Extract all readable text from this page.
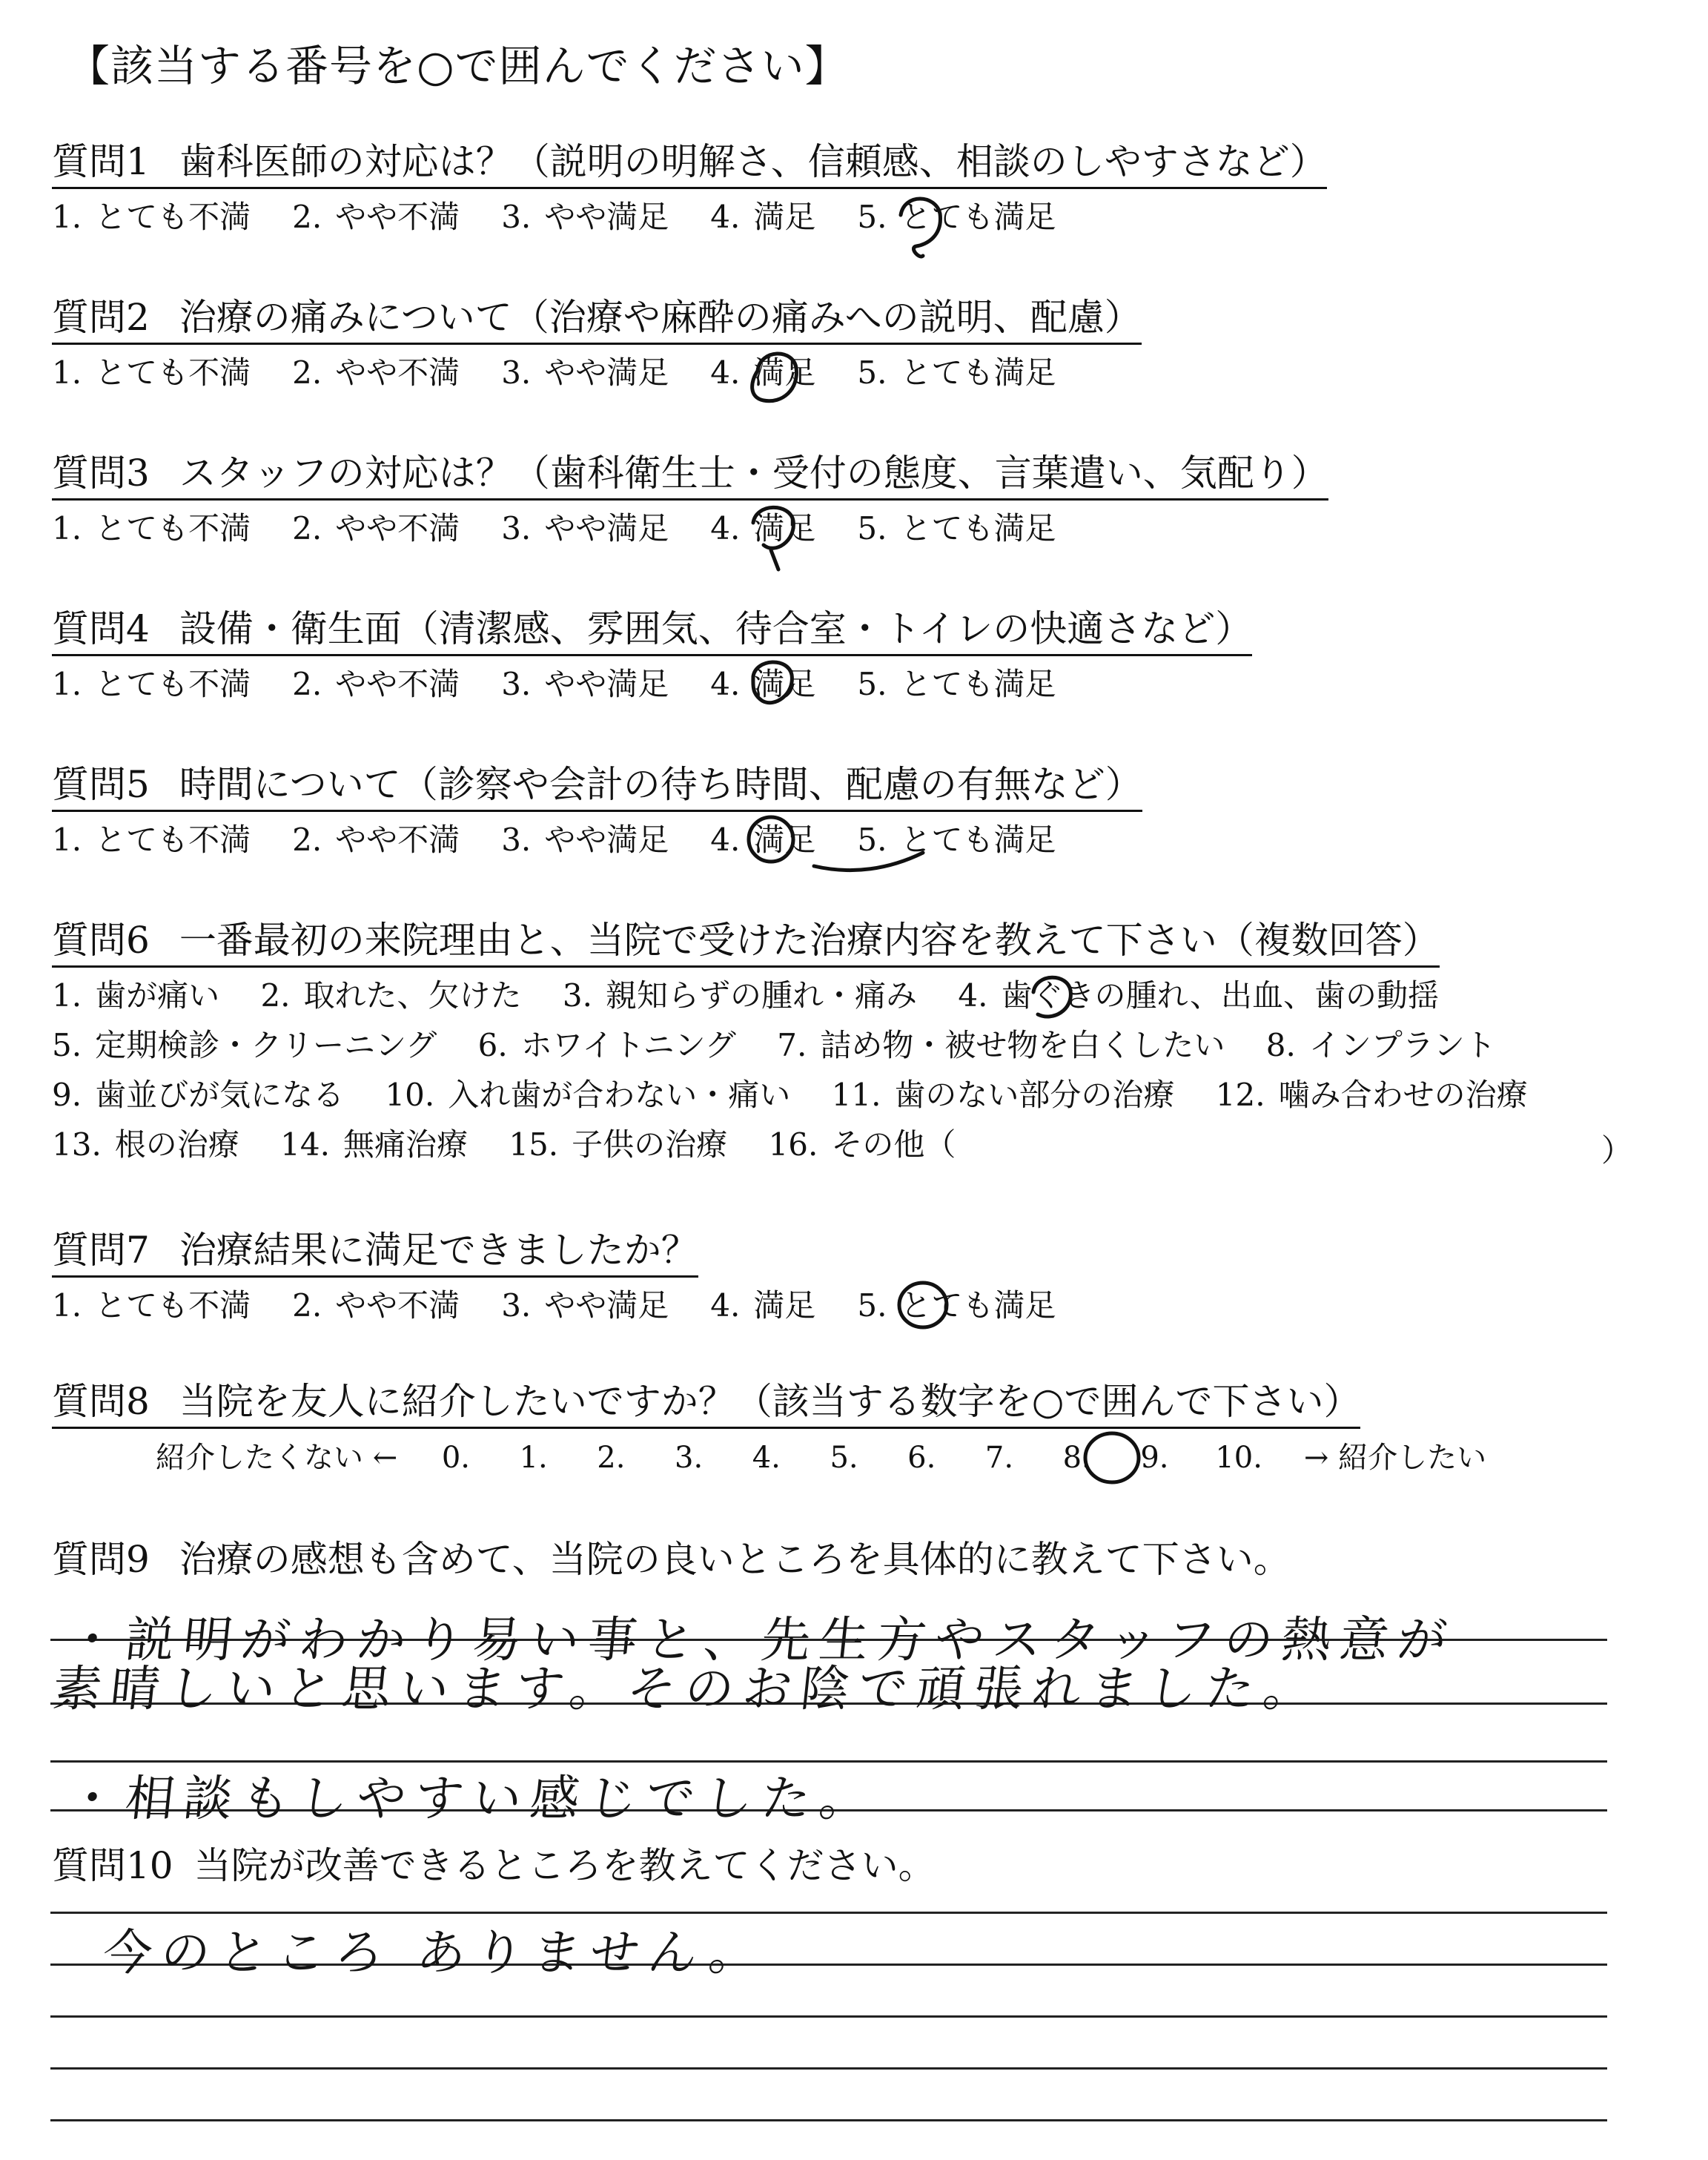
【該当する番号を○で囲んでください】
質問1 歯科医師の対応は？（説明の明解さ、信頼感、相談のしやすさなど）
1. とても不満 2. やや不満 3. やや満足 4. 満足 5. とても満足
質問2 治療の痛みについて（治療や麻酔の痛みへの説明、配慮）
1. とても不満 2. やや不満 3. やや満足 4. 満足 5. とても満足
質問3 スタッフの対応は？（歯科衛生士・受付の態度、言葉遣い、気配り）
1. とても不満 2. やや不満 3. やや満足 4. 満足 5. とても満足
質問4 設備・衛生面（清潔感、雰囲気、待合室・トイレの快適さなど）
1. とても不満 2. やや不満 3. やや満足 4. 満足 5. とても満足
質問5 時間について（診察や会計の待ち時間、配慮の有無など）
1. とても不満 2. やや不満 3. やや満足 4. 満足 5. とても満足
質問6 一番最初の来院理由と、当院で受けた治療内容を教えて下さい（複数回答）
1. 歯が痛い 2. 取れた、欠けた 3. 親知らずの腫れ・痛み 4. 歯ぐきの腫れ、出血、歯の動揺
5. 定期検診・クリーニング 6. ホワイトニング 7. 詰め物・被せ物を白くしたい 8. インプラント
9. 歯並びが気になる 10. 入れ歯が合わない・痛い 11. 歯のない部分の治療 12. 噛み合わせの治療
13. 根の治療 14. 無痛治療 15. 子供の治療 16. その他（	）
質問7 治療結果に満足できましたか？
1. とても不満 2. やや不満 3. やや満足 4. 満足 5. とても満足
質問8 当院を友人に紹介したいですか？（該当する数字を○で囲んで下さい）
紹介したくない ← 0. 1. 2. 3. 4. 5. 6. 7. 8. 9. 10. → 紹介したい
質問9 治療の感想も含めて、当院の良いところを具体的に教えて下さい。
・説明がわかり易い事と、先生方やスタッフの熱意が
素晴しいと思います。そのお陰で頑張れました。
・相談もしやすい感じでした。
質問10 当院が改善できるところを教えてください。
今のところ ありません。
